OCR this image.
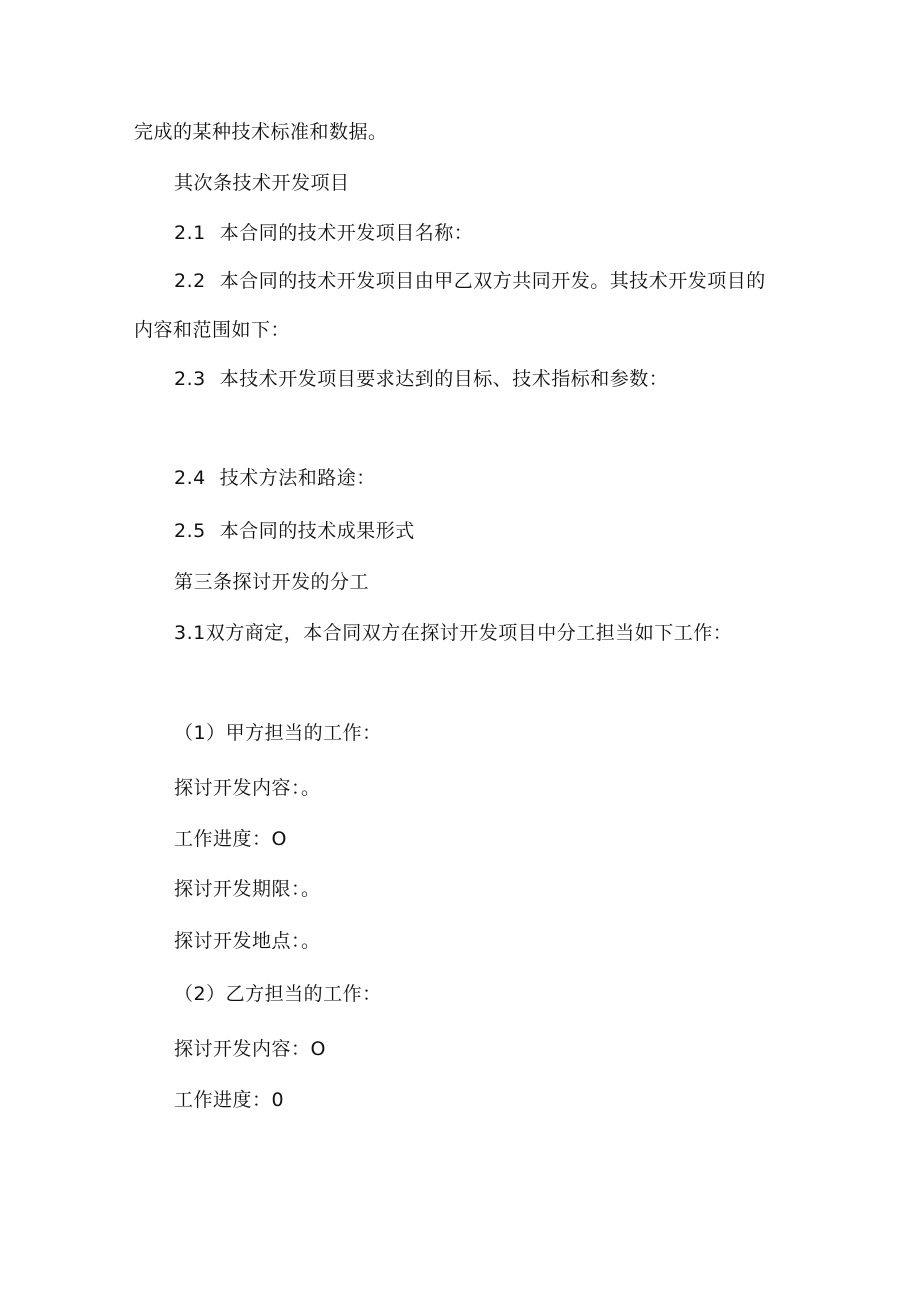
完成的某种技术标准和数据。

其次条技术开发项目

2.1 本合同的技术开发项目名称：

2.2 本合同的技术开发项目由甲乙双方共同开发。其技术开发项目的

内容和范围如下：

2.3 本技术开发项目要求达到的目标、技术指标和参数：

2.4 技术方法和路途：

2.5 本合同的技术成果形式

第三条探讨开发的分工

3.1双方商定，本合同双方在探讨开发项目中分工担当如下工作：

（1）甲方担当的工作：

探讨开发内容：。

工作进度：O

探讨开发期限：。

探讨开发地点：。

（2）乙方担当的工作：

探讨开发内容：O

工作进度：0
